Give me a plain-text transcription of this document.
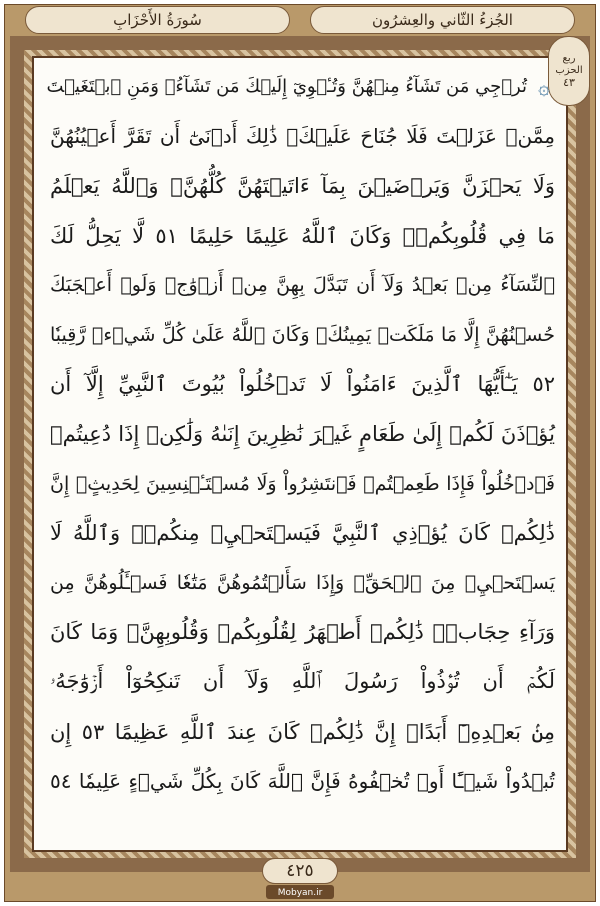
الجُزءُ الثّاني والعِشرُون
سُورَةُ الأَحْزَابِ
ربع
الحزب
٤٣
۞
تُرۡجِي مَن تَشَآءُ مِنۡهُنَّ وَتُـٔۡوِيٓ إِلَيۡكَ مَن تَشَآءُۖ وَمَنِ ٱبۡتَغَيۡتَ
مِمَّنۡ عَزَلۡتَ فَلَا جُنَاحَ عَلَيۡكَۚ ذَٰلِكَ أَدۡنَىٰٓ أَن تَقَرَّ أَعۡيُنُهُنَّ
وَلَا يَحۡزَنَّ وَيَرۡضَيۡنَ بِمَآ ءَاتَيۡتَهُنَّ كُلُّهُنَّۚ وَٱللَّهُ يَعۡلَمُ
مَا فِي قُلُوبِكُمۡۚ وَكَانَ ٱللَّهُ عَلِيمًا حَلِيمًا ٥١ لَّا يَحِلُّ لَكَ
ٱلنِّسَآءُ مِنۢ بَعۡدُ وَلَآ أَن تَبَدَّلَ بِهِنَّ مِنۡ أَزۡوَٰجٖ وَلَوۡ أَعۡجَبَكَ
حُسۡنُهُنَّ إِلَّا مَا مَلَكَتۡ يَمِينُكَۗ وَكَانَ ٱللَّهُ عَلَىٰ كُلِّ شَيۡءٖ رَّقِيبٗا
٥٢ يَـٰٓأَيُّهَا ٱلَّذِينَ ءَامَنُواْ لَا تَدۡخُلُواْ بُيُوتَ ٱلنَّبِيِّ إِلَّآ أَن
يُؤۡذَنَ لَكُمۡ إِلَىٰ طَعَامٍ غَيۡرَ نَٰظِرِينَ إِنَىٰهُ وَلَٰكِنۡ إِذَا دُعِيتُمۡ
فَٱدۡخُلُواْ فَإِذَا طَعِمۡتُمۡ فَٱنتَشِرُواْ وَلَا مُسۡتَـٔۡنِسِينَ لِحَدِيثٍۚ إِنَّ
ذَٰلِكُمۡ كَانَ يُؤۡذِي ٱلنَّبِيَّ فَيَسۡتَحۡيِۦ مِنكُمۡۖ وَٱللَّهُ لَا
يَسۡتَحۡيِۦ مِنَ ٱلۡحَقِّۚ وَإِذَا سَأَلۡتُمُوهُنَّ مَتَٰعٗا فَسۡـَٔلُوهُنَّ مِن
وَرَآءِ حِجَابٖۚ ذَٰلِكُمۡ أَطۡهَرُ لِقُلُوبِكُمۡ وَقُلُوبِهِنَّۚ وَمَا كَانَ
لَكُمۡ أَن تُؤۡذُواْ رَسُولَ ٱللَّهِ وَلَآ أَن تَنكِحُوٓاْ أَزۡوَٰجَهُۥ
مِنۢ بَعۡدِهِۦٓ أَبَدًاۚ إِنَّ ذَٰلِكُمۡ كَانَ عِندَ ٱللَّهِ عَظِيمًا ٥٣ إِن
تُبۡدُواْ شَيۡـًٔا أَوۡ تُخۡفُوهُ فَإِنَّ ٱللَّهَ كَانَ بِكُلِّ شَيۡءٍ عَلِيمٗا ٥٤
٤٢٥
Mobyan.ir
